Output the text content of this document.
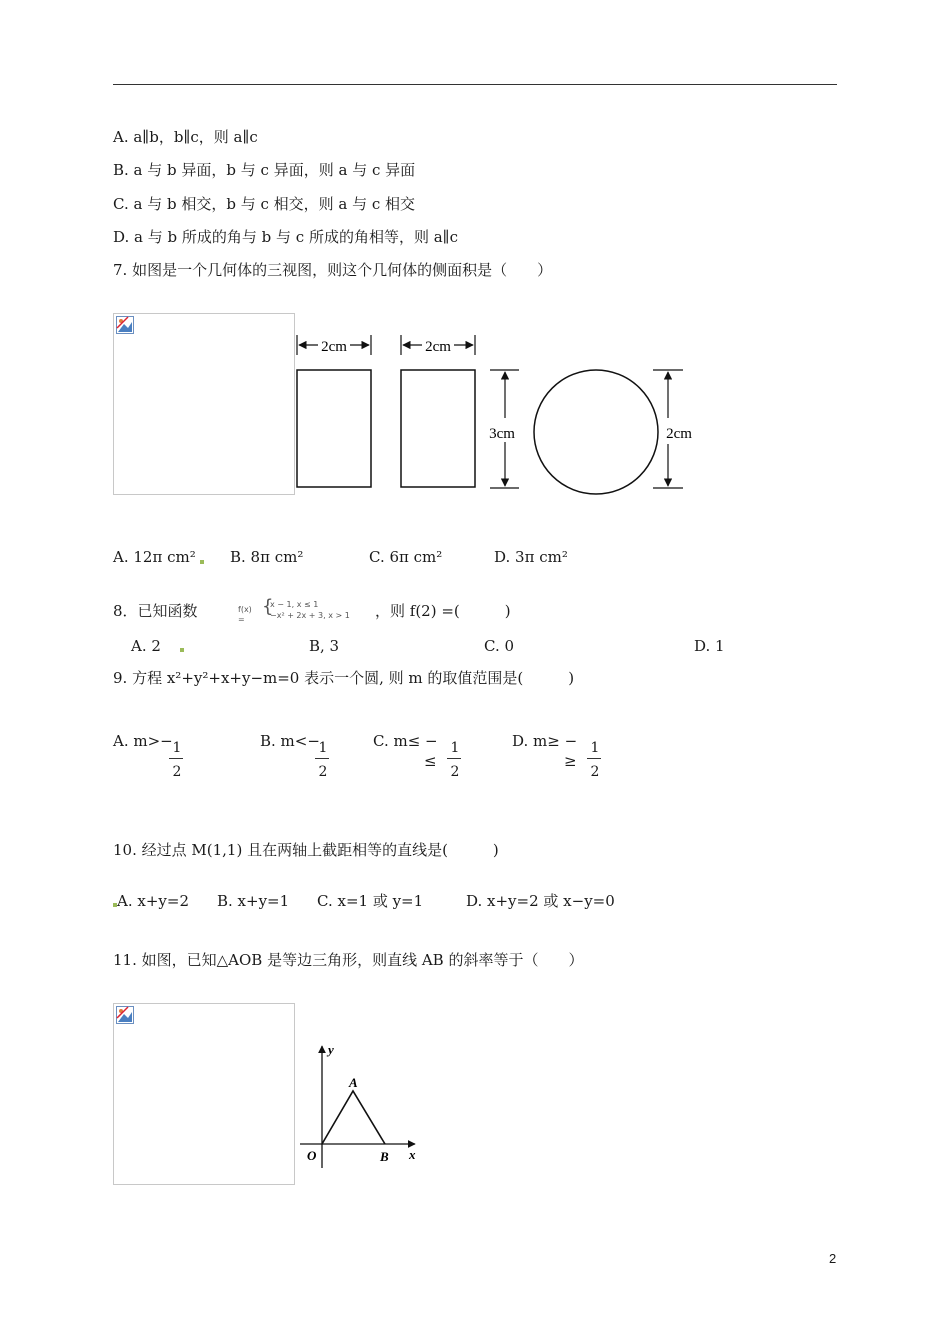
A. a∥b，b∥c，则 a∥c
B. a 与 b 异面，b 与 c 异面，则 a 与 c 异面
C. a 与 b 相交，b 与 c 相交，则 a 与 c 相交
D. a 与 b 所成的角与 b 与 c 所成的角相等，则 a∥c
7. 如图是一个几何体的三视图，则这个几何体的侧面积是（　　）
2cm	2cm
3cm	2cm
A. 12π cm² B. 8π cm²	C. 6π cm²	D. 3π cm²
8．已知函数	f(x) =
{
x − 1, x ≤ 1
−x² + 2x + 3, x > 1 ，则 f(2) =(　　　)
A. 2	B, 3	C. 0	D. 1
9. 方程 x²+y²+x+y−m=0 表示一个圆, 则 m 的取值范围是(　　　)
A. m>− 1
2
B. m<−
1
2
C. m≤ −
≤
1
2
D. m≥ −
≥
1
2
10. 经过点 M(1,1) 且在两轴上截距相等的直线是(　　　)
A. x+y=2 B. x+y=1 C. x=1 或 y=1	D. x+y=2 或 x−y=0
11. 如图，已知△AOB 是等边三角形，则直线 AB 的斜率等于（　　）
y
x
A
O	B
2
